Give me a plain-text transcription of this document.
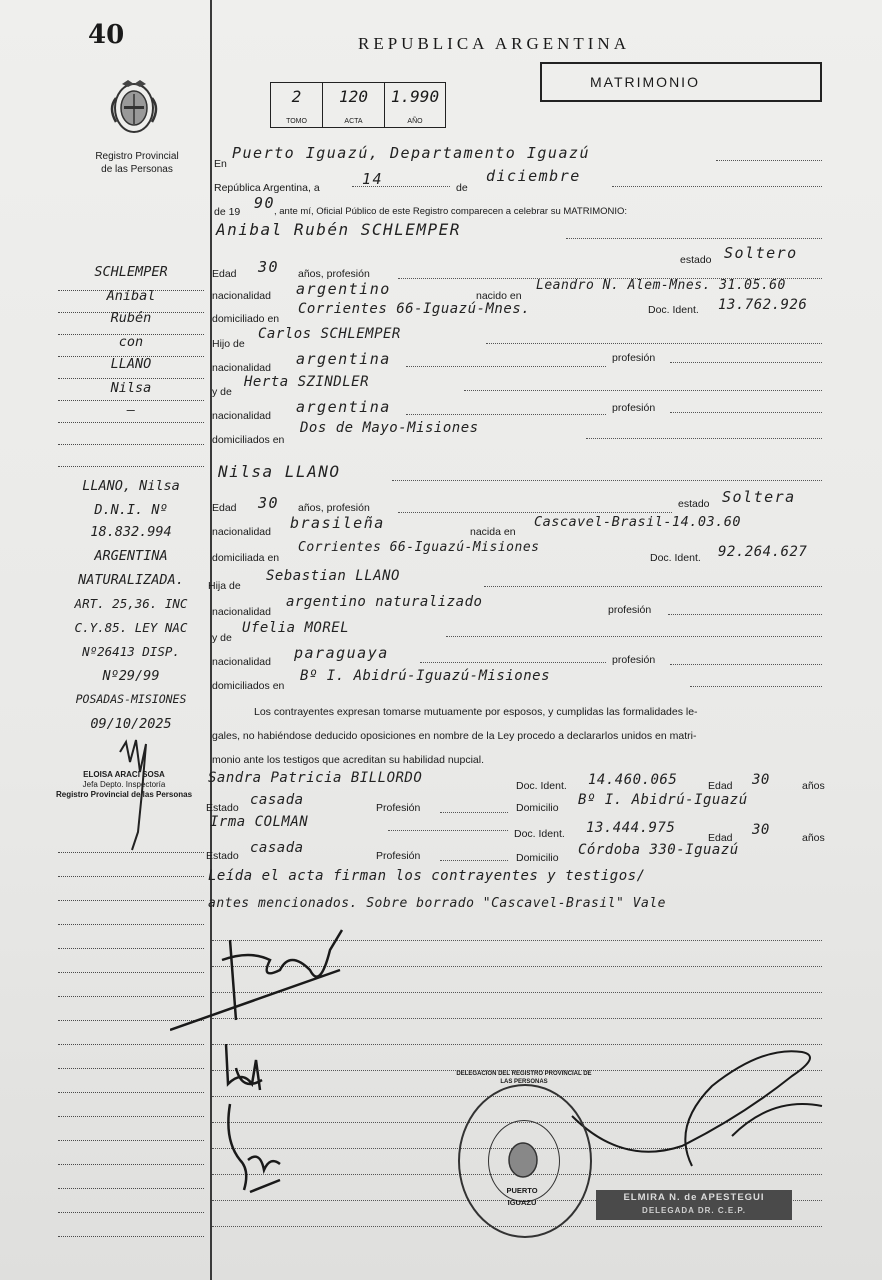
40
Registro Provincial
de las Personas
REPUBLICA ARGENTINA
MATRIMONIO
2
TOMO
120
ACTA
1.990
AÑO
En
Puerto Iguazú, Departamento Iguazú
República Argentina, a	14	de
diciembre
de 19 90
, ante mí, Oficial Público de este Registro comparecen a celebrar su MATRIMONIO:
Anibal Rubén SCHLEMPER
estado Soltero
Edad 30 años, profesión
nacionalidad argentino	nacido en
Leandro N. Alem-Mnes. 31.05.60
domiciliado en
Corrientes 66-Iguazú-Mnes.	Doc. Ident. 13.762.926
Hijo de
Carlos SCHLEMPER
nacionalidad argentina	profesión
y de
Herta SZINDLER
nacionalidad argentina	profesión
domiciliados en
Dos de Mayo-Misiones
Nilsa LLANO
Edad 30 años, profesión	estado Soltera
nacionalidad brasileña	nacida en
Cascavel-Brasil-14.03.60
domiciliada en
Corrientes 66-Iguazú-Misiones
Doc. Ident. 92.264.627
Hija de
Sebastian LLANO
nacionalidad
argentino naturalizado	profesión
y de
Ufelia MOREL
nacionalidad paraguaya	profesión
domiciliados en
Bº I. Abidrú-Iguazú-Misiones
Los contrayentes expresan tomarse mutuamente por esposos, y cumplidas las formalidades le-
gales, no habiéndose deducido oposiciones en nombre de la Ley procedo a declararlos unidos en matri-
monio ante los testigos que acreditan su habilidad nupcial.
Sandra Patricia BILLORDO	Doc. Ident. 14.460.065	Edad 30	años
Estado casada	Profesión	Domicilio Bº I. Abidrú-Iguazú
Irma COLMAN
Doc. Ident. 13.444.975
Edad 30	años
Estado casada	Profesión	Domicilio Córdoba 330-Iguazú
Leída el acta firman los contrayentes y testigos/
antes mencionados. Sobre borrado "Cascavel-Brasil" Vale
SCHLEMPER
Anibal
Rubén
con
LLANO
Nilsa
—
LLANO, Nilsa
D.N.I. Nº
18.832.994
ARGENTINA
NATURALIZADA.
ART. 25,36. INC
C.Y.85. LEY NAC
Nº26413 DISP.
Nº29/99
POSADAS-MISIONES
09/10/2025
ELOISA ARACI SOSA
Jefa Depto. Inspectoría
Registro Provincial de las Personas
DELEGACION DEL REGISTRO PROVINCIAL DE LAS PERSONAS
PUERTO
IGUAZU	ELMIRA N. de APESTEGUI
DELEGADA DR. C.E.P.
